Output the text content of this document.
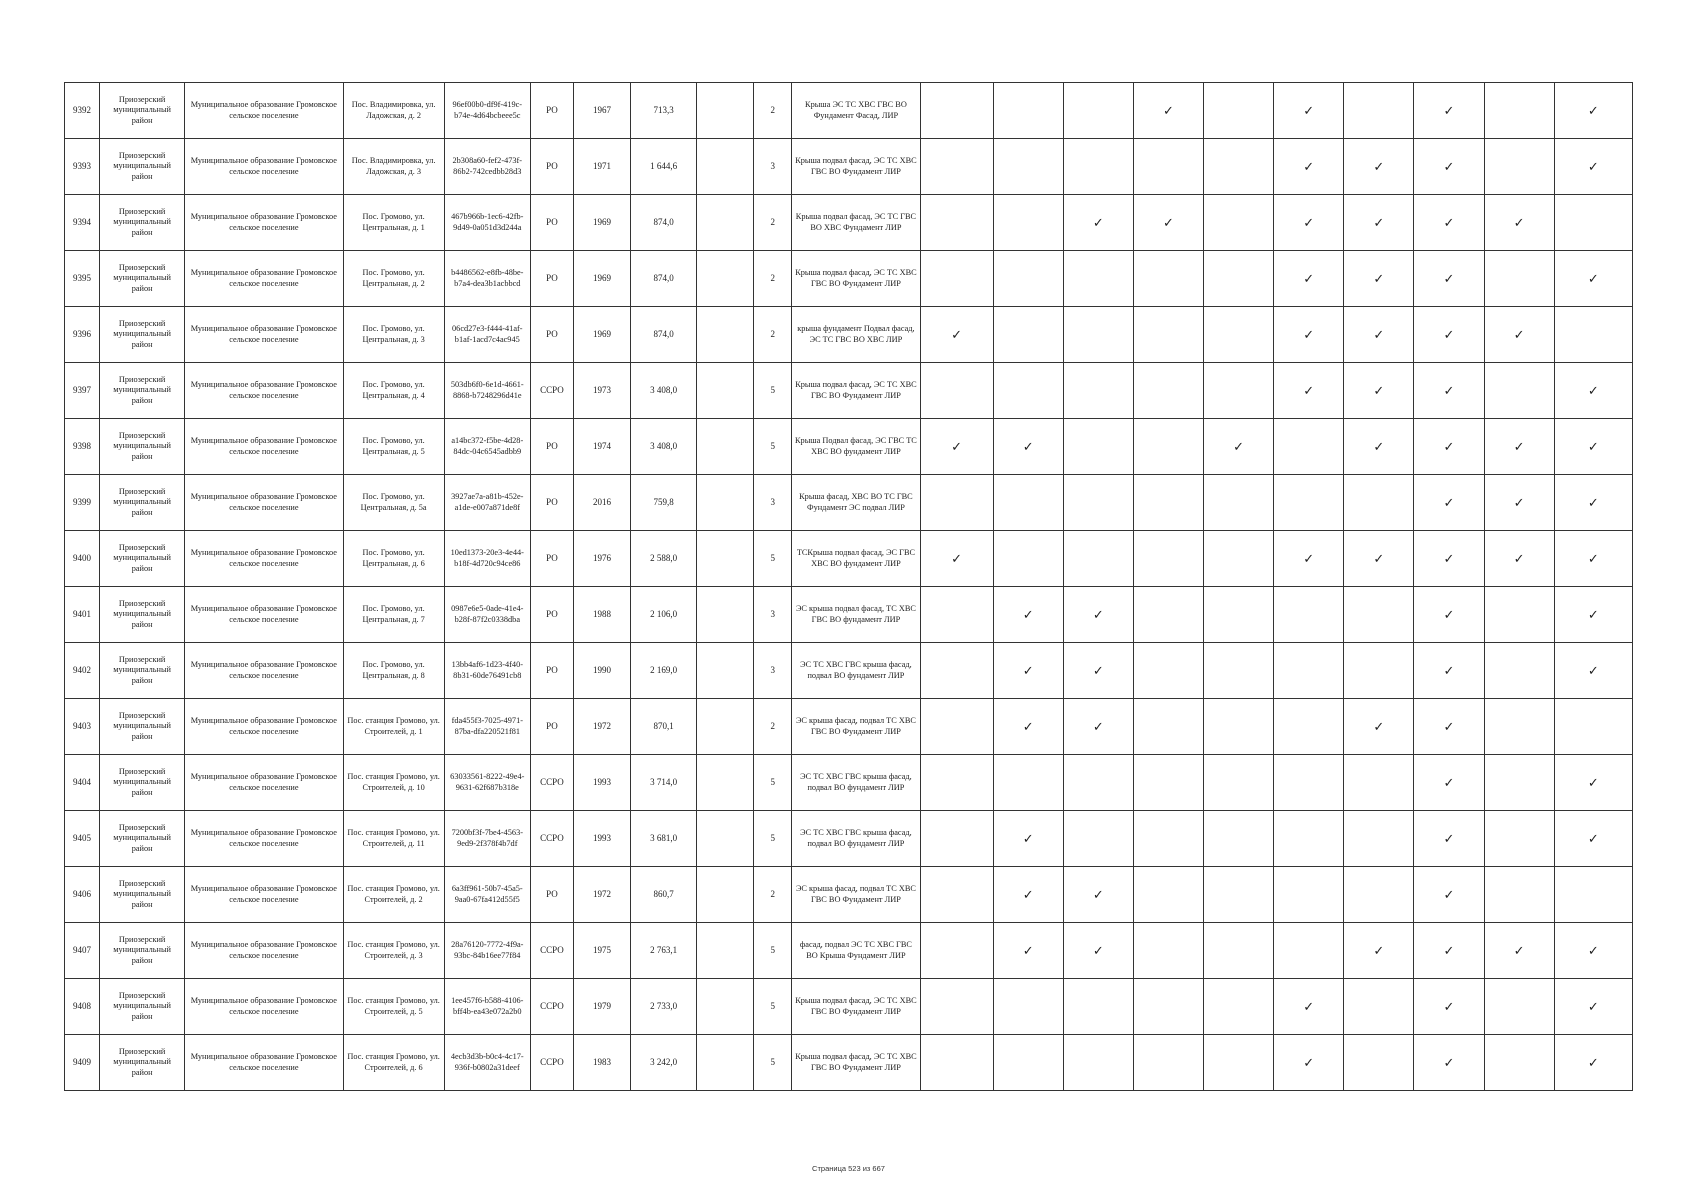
9392	Приозерский муниципальный район	Муниципальное образование Громовское сельское поселение	Пос. Владимировка, ул. Ладожская, д. 2	96ef00b0-df9f-419c-b74e-4d64bcbeee5c	РО	1967	713,3		2	Крыша ЭС ТС ХВС ГВС ВО Фундамент Фасад, ЛИР				✓		✓		✓		✓
9393	Приозерский муниципальный район	Муниципальное образование Громовское сельское поселение	Пос. Владимировка, ул. Ладожская, д. 3	2b308a60-fef2-473f-86b2-742cedbb28d3	РО	1971	1 644,6		3	Крыша подвал фасад, ЭС ТС ХВС ГВС ВО Фундамент ЛИР						✓	✓	✓		✓
9394	Приозерский муниципальный район	Муниципальное образование Громовское сельское поселение	Пос. Громово, ул. Центральная, д. 1	467b966b-1ec6-42fb-9d49-0a051d3d244a	РО	1969	874,0		2	Крыша подвал фасад, ЭС ТС ГВС ВО ХВС Фундамент ЛИР			✓	✓		✓	✓	✓	✓	
9395	Приозерский муниципальный район	Муниципальное образование Громовское сельское поселение	Пос. Громово, ул. Центральная, д. 2	b4486562-e8fb-48be-b7a4-dea3b1acbbcd	РО	1969	874,0		2	Крыша подвал фасад, ЭС ТС ХВС ГВС ВО Фундамент ЛИР						✓	✓	✓		✓
9396	Приозерский муниципальный район	Муниципальное образование Громовское сельское поселение	Пос. Громово, ул. Центральная, д. 3	06cd27e3-f444-41af-b1af-1acd7c4ac945	РО	1969	874,0		2	крыша фундамент Подвал фасад, ЭС ТС ГВС ВО ХВС ЛИР	✓					✓	✓	✓	✓	
9397	Приозерский муниципальный район	Муниципальное образование Громовское сельское поселение	Пос. Громово, ул. Центральная, д. 4	503db6f0-6e1d-4661-8868-b7248296d41e	ССРО	1973	3 408,0		5	Крыша подвал фасад, ЭС ТС ХВС ГВС ВО Фундамент ЛИР						✓	✓	✓		✓
9398	Приозерский муниципальный район	Муниципальное образование Громовское сельское поселение	Пос. Громово, ул. Центральная, д. 5	a14bc372-f5be-4d28-84dc-04c6545adbb9	РО	1974	3 408,0		5	Крыша Подвал фасад, ЭС ГВС ТС ХВС ВО фундамент ЛИР	✓	✓			✓		✓	✓	✓	✓
9399	Приозерский муниципальный район	Муниципальное образование Громовское сельское поселение	Пос. Громово, ул. Центральная, д. 5а	3927ae7a-a81b-452e-a1de-e007a871de8f	РО	2016	759,8		3	Крыша фасад, ХВС ВО ТС ГВС Фундамент ЭС подвал ЛИР								✓	✓	✓
9400	Приозерский муниципальный район	Муниципальное образование Громовское сельское поселение	Пос. Громово, ул. Центральная, д. 6	10ed1373-20e3-4e44-b18f-4d720c94ce86	РО	1976	2 588,0		5	ТСКрыша подвал фасад, ЭС ГВС ХВС ВО фундамент ЛИР	✓					✓	✓	✓	✓	✓
9401	Приозерский муниципальный район	Муниципальное образование Громовское сельское поселение	Пос. Громово, ул. Центральная, д. 7	0987e6e5-0ade-41e4-b28f-87f2c0338dba	РО	1988	2 106,0		3	ЭС крыша подвал фасад, ТС ХВС ГВС ВО фундамент ЛИР		✓	✓					✓		✓
9402	Приозерский муниципальный район	Муниципальное образование Громовское сельское поселение	Пос. Громово, ул. Центральная, д. 8	13bb4af6-1d23-4f40-8b31-60de76491cb8	РО	1990	2 169,0		3	ЭС ТС ХВС ГВС крыша фасад, подвал ВО фундамент ЛИР		✓	✓					✓		✓
9403	Приозерский муниципальный район	Муниципальное образование Громовское сельское поселение	Пос. станция Громово, ул. Строителей, д. 1	fda455f3-7025-4971-87ba-dfa220521f81	РО	1972	870,1		2	ЭС крыша фасад, подвал ТС ХВС ГВС ВО Фундамент ЛИР		✓	✓				✓	✓		
9404	Приозерский муниципальный район	Муниципальное образование Громовское сельское поселение	Пос. станция Громово, ул. Строителей, д. 10	63033561-8222-49e4-9631-62f687b318e	ССРО	1993	3 714,0		5	ЭС ТС ХВС ГВС крыша фасад, подвал ВО фундамент ЛИР								✓		✓
9405	Приозерский муниципальный район	Муниципальное образование Громовское сельское поселение	Пос. станция Громово, ул. Строителей, д. 11	7200bf3f-7be4-4563-9ed9-2f378f4b7df	ССРО	1993	3 681,0		5	ЭС ТС ХВС ГВС крыша фасад, подвал ВО фундамент ЛИР		✓						✓		✓
9406	Приозерский муниципальный район	Муниципальное образование Громовское сельское поселение	Пос. станция Громово, ул. Строителей, д. 2	6a3ff961-50b7-45a5-9aa0-67fa412d55f5	РО	1972	860,7		2	ЭС крыша фасад, подвал ТС ХВС ГВС ВО Фундамент ЛИР		✓	✓					✓		
9407	Приозерский муниципальный район	Муниципальное образование Громовское сельское поселение	Пос. станция Громово, ул. Строителей, д. 3	28a76120-7772-4f9a-93bc-84b16ee77f84	ССРО	1975	2 763,1		5	фасад, подвал ЭС ТС ХВС ГВС ВО Крыша Фундамент ЛИР		✓	✓				✓	✓	✓	✓
9408	Приозерский муниципальный район	Муниципальное образование Громовское сельское поселение	Пос. станция Громово, ул. Строителей, д. 5	1ee457f6-b588-4106-bff4b-ea43e072a2b0	ССРО	1979	2 733,0		5	Крыша подвал фасад, ЭС ТС ХВС ГВС ВО Фундамент ЛИР						✓		✓		✓
9409	Приозерский муниципальный район	Муниципальное образование Громовское сельское поселение	Пос. станция Громово, ул. Строителей, д. 6	4ecb3d3b-b0c4-4c17-936f-b0802a31deef	ССРО	1983	3 242,0		5	Крыша подвал фасад, ЭС ТС ХВС ГВС ВО Фундамент ЛИР						✓		✓		✓
Страница 523 из 667
